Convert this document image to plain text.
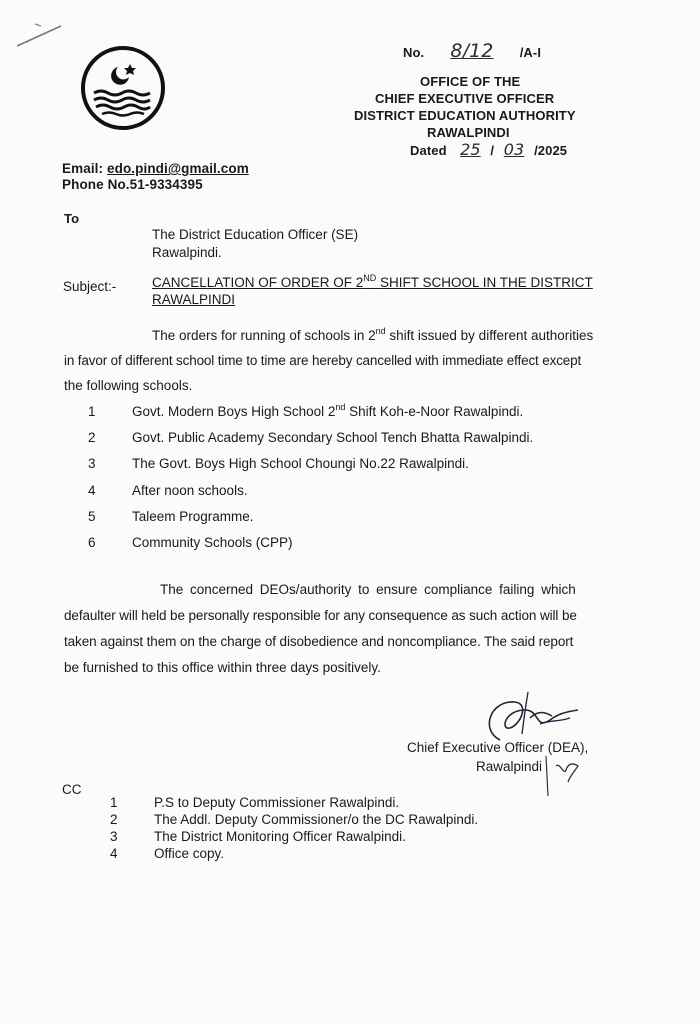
No. 8/12 /A-I
OFFICE OF THE
CHIEF EXECUTIVE OFFICER
DISTRICT EDUCATION AUTHORITY
RAWALPINDI
Dated 25 / 03 /2025
Email: edo.pindi@gmail.com
Phone No.51-9334395
To
The District Education Officer (SE)
Rawalpindi.
Subject:-	CANCELLATION OF ORDER OF 2ND SHIFT SCHOOL IN THE DISTRICT
RAWALPINDI
The orders for running of schools in 2nd shift issued by different authorities
in favor of different school time to time are hereby cancelled with immediate effect except
the following schools.
1	Govt. Modern Boys High School 2nd Shift Koh-e-Noor Rawalpindi.
2	Govt. Public Academy Secondary School Tench Bhatta Rawalpindi.
3	The Govt. Boys High School Choungi No.22 Rawalpindi.
4	After noon schools.
5	Taleem Programme.
6	Community Schools (CPP)
The concerned DEOs/authority to ensure compliance failing which
defaulter will held be personally responsible for any consequence as such action will be
taken against them on the charge of disobedience and noncompliance. The said report
be furnished to this office within three days positively.
Chief Executive Officer (DEA),
Rawalpindi
CC
1	P.S to Deputy Commissioner Rawalpindi.
2	The Addl. Deputy Commissioner/o the DC Rawalpindi.
3	The District Monitoring Officer Rawalpindi.
4	Office copy.
